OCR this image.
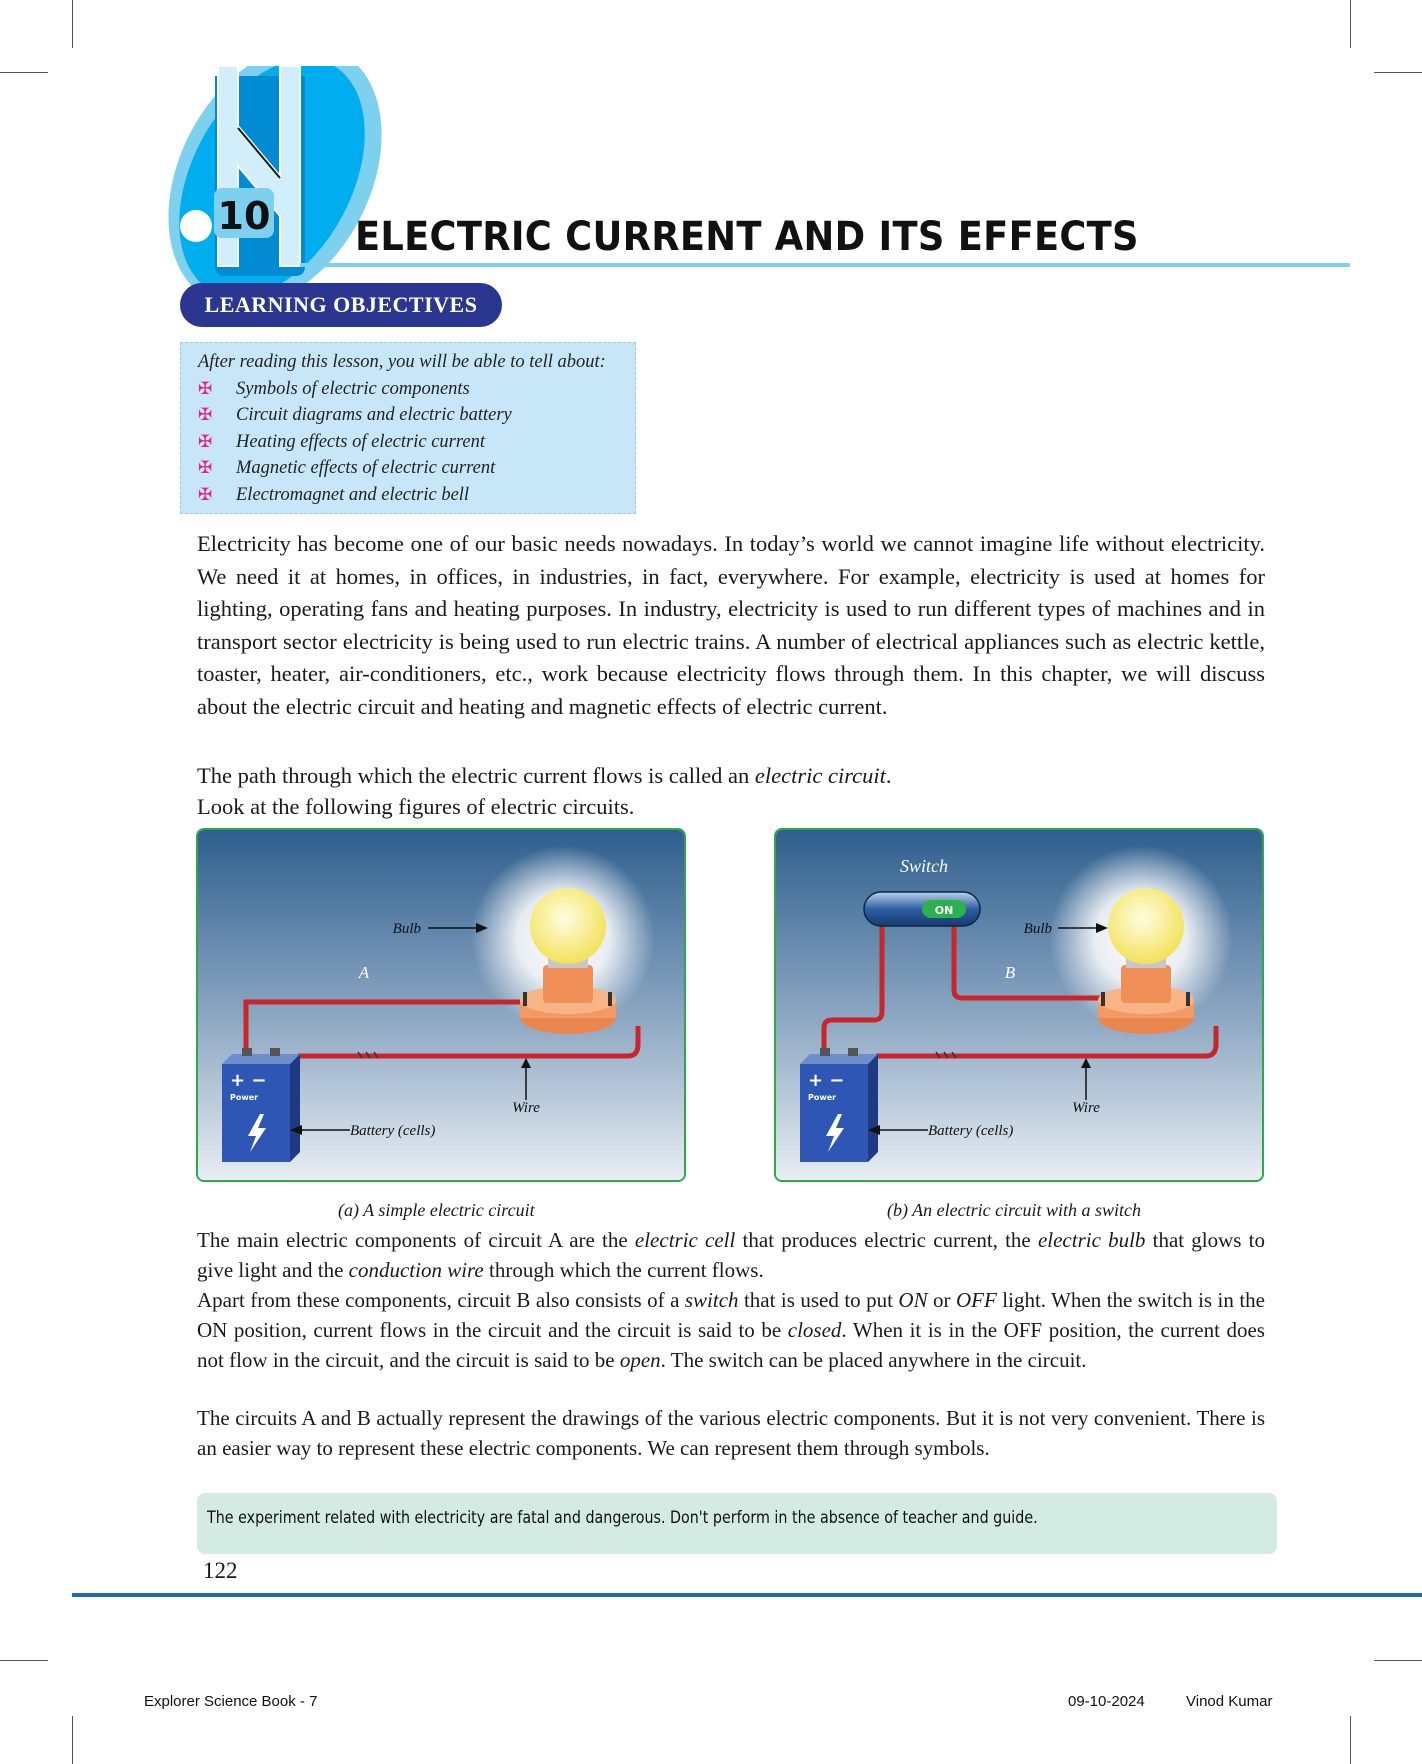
10 ELECTRIC CURRENT AND ITS EFFECTS
LEARNING OBJECTIVES
After reading this lesson, you will be able to tell about:
✠ Symbols of electric components
✠ Circuit diagrams and electric battery
✠ Heating effects of electric current
✠ Magnetic effects of electric current
✠ Electromagnet and electric bell

Electricity has become one of our basic needs nowadays. In today’s world we cannot imagine life without electricity. We need it at homes, in offices, in industries, in fact, everywhere. For example, electricity is used at homes for lighting, operating fans and heating purposes. In industry, electricity is used to run different types of machines and in transport sector electricity is being used to run electric trains. A number of electrical appliances such as electric kettle, toaster, heater, air-conditioners, etc., work because electricity flows through them. In this chapter, we will discuss about the electric circuit and heating and magnetic effects of electric current.

The path through which the electric current flows is called an electric circuit.

Look at the following figures of electric circuits.

+ −
Power
Bulb
A
Wire
Battery (cells)
(a) A simple electric circuit
ON
Switch
+ −
Power
Bulb
B
Wire
Battery (cells)
(b) An electric circuit with a switch

The main electric components of circuit A are the electric cell that produces electric current, the electric bulb that glows to give light and the conduction wire through which the current flows.

Apart from these components, circuit B also consists of a switch that is used to put ON or OFF light. When the switch is in the ON position, current flows in the circuit and the circuit is said to be closed. When it is in the OFF position, the current does not flow in the circuit, and the circuit is said to be open. The switch can be placed anywhere in the circuit.

The circuits A and B actually represent the drawings of the various electric components. But it is not very convenient. There is an easier way to represent these electric components. We can represent them through symbols.

The experiment related with electricity are fatal and dangerous. Don't perform in the absence of teacher and guide.
122
Explorer Science Book - 7	09-10-2024	Vinod Kumar
